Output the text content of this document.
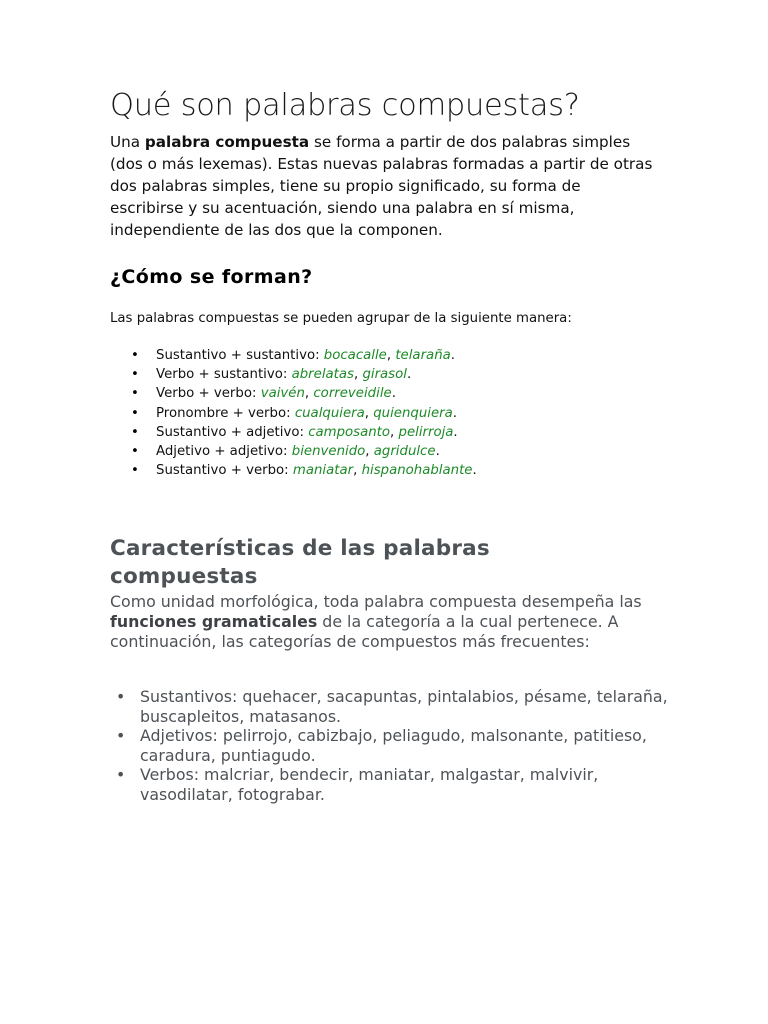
Qué son palabras compuestas?

Una palabra compuesta se forma a partir de dos palabras simples (dos o más lexemas). Estas nuevas palabras formadas a partir de otras dos palabras simples, tiene su propio significado, su forma de escribirse y su acentuación, siendo una palabra en sí misma, independiente de las dos que la componen.

¿Cómo se forman?

Las palabras compuestas se pueden agrupar de la siguiente manera:

• Sustantivo + sustantivo: bocacalle, telaraña.
• Verbo + sustantivo: abrelatas, girasol.
• Verbo + verbo: vaivén, correveidile.
• Pronombre + verbo: cualquiera, quienquiera.
• Sustantivo + adjetivo: camposanto, pelirroja.
• Adjetivo + adjetivo: bienvenido, agridulce.
• Sustantivo + verbo: maniatar, hispanohablante.
Características de las palabras compuestas

Como unidad morfológica, toda palabra compuesta desempeña las funciones gramaticales de la categoría a la cual pertenece. A continuación, las categorías de compuestos más frecuentes:

• Sustantivos: quehacer, sacapuntas, pintalabios, pésame, telaraña, buscapleitos, matasanos.
• Adjetivos: pelirrojo, cabizbajo, peliagudo, malsonante, patitieso, caradura, puntiagudo.
• Verbos: malcriar, bendecir, maniatar, malgastar, malvivir, vasodilatar, fotograbar.
